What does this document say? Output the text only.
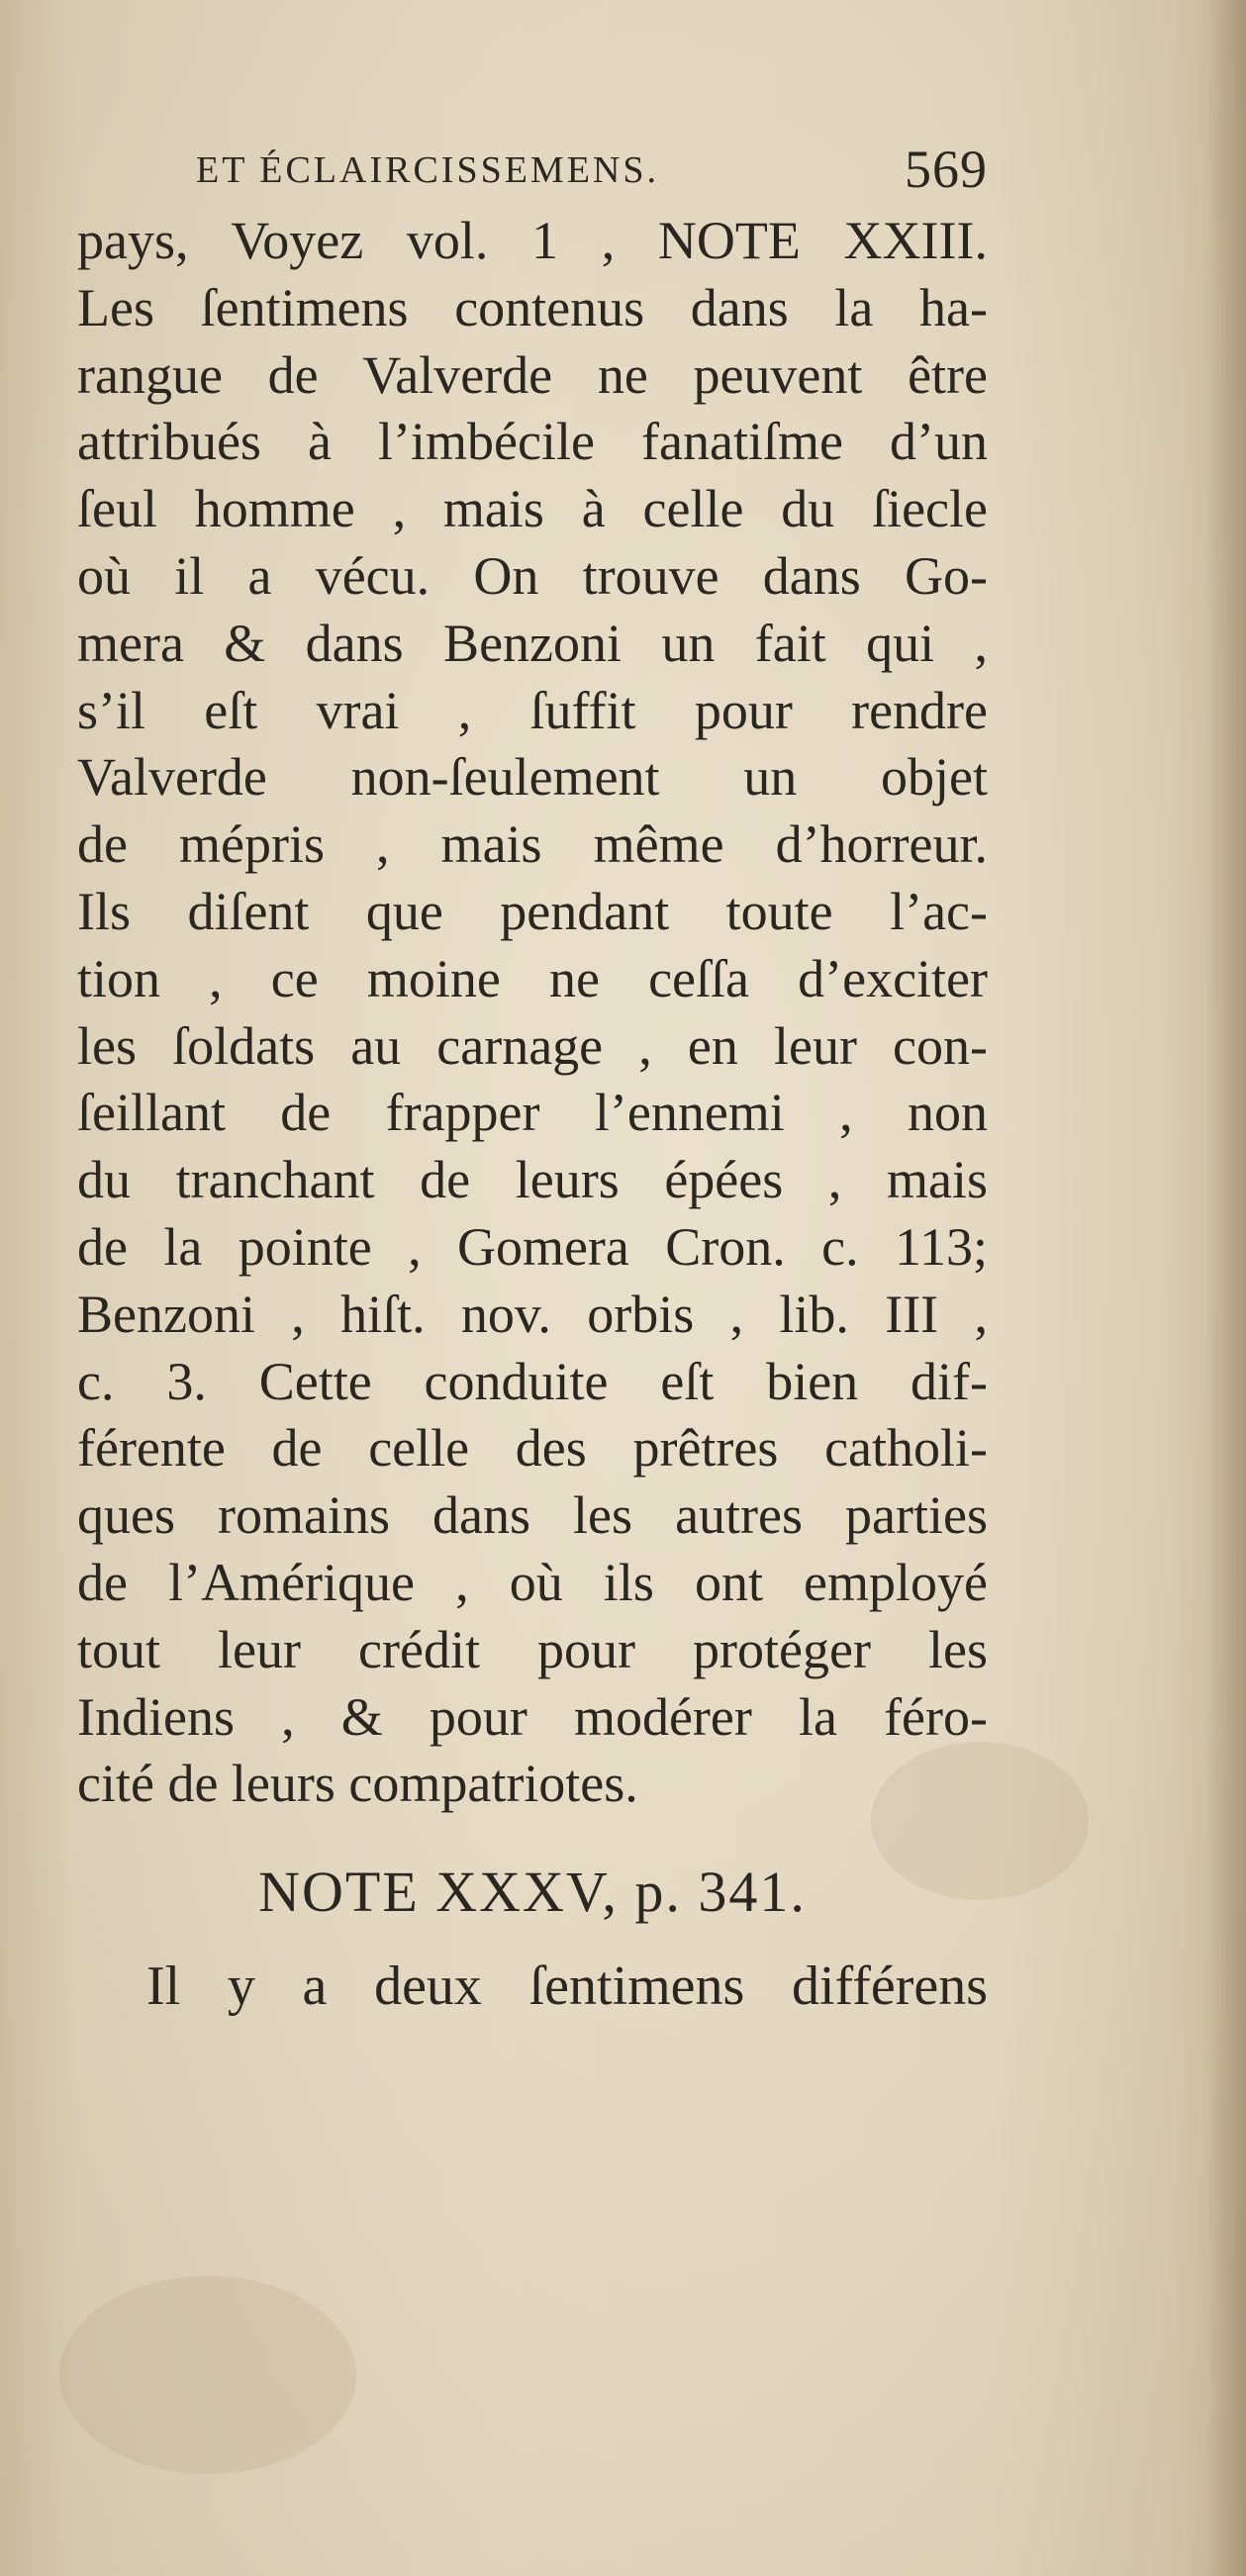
ET ÉCLAIRCISSEMENS.	569
pays, Voyez vol. 1 , NOTE XXIII.
Les ſentimens contenus dans la ha-
rangue de Valverde ne peuvent être
attribués à l’imbécile fanatiſme d’un
ſeul homme , mais à celle du ſiecle
où il a vécu. On trouve dans Go-
mera & dans Benzoni un fait qui ,
s’il eſt vrai , ſuffit pour rendre
Valverde non-ſeulement un objet
de mépris , mais même d’horreur.
Ils diſent que pendant toute l’ac-
tion , ce moine ne ceſſa d’exciter
les ſoldats au carnage , en leur con-
ſeillant de frapper l’ennemi , non
du tranchant de leurs épées , mais
de la pointe , Gomera Cron. c. 113;
Benzoni , hiſt. nov. orbis , lib. III ,
c. 3. Cette conduite eſt bien dif-
férente de celle des prêtres catholi-
ques romains dans les autres parties
de l’Amérique , où ils ont employé
tout leur crédit pour protéger les
Indiens , & pour modérer la féro-
cité de leurs compatriotes.
NOTE XXXV, p. 341.
Il y a deux ſentimens différens
